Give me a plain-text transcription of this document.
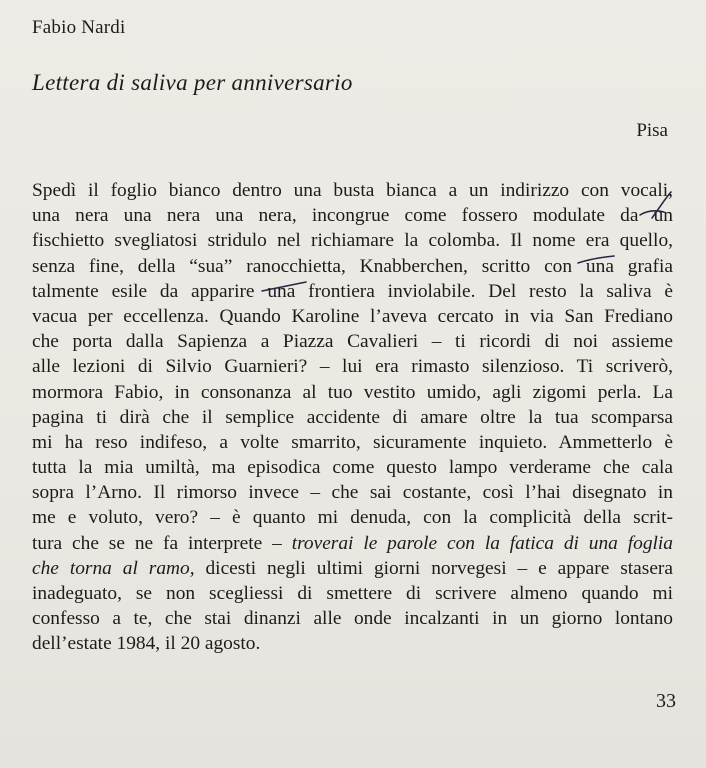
Fabio Nardi
Lettera di saliva per anniversario
Pisa
Spedì il foglio bianco dentro una busta bianca a un indirizzo con vocali,
una nera una nera una nera, incongrue come fossero modulate da un
fischietto svegliatosi stridulo nel richiamare la colomba. Il nome era quello,
senza fine, della “sua” ranocchietta, Knabberchen, scritto con una grafia
talmente esile da apparire una frontiera inviolabile. Del resto la saliva è
vacua per eccellenza. Quando Karoline l’aveva cercato in via San Frediano
che porta dalla Sapienza a Piazza Cavalieri – ti ricordi di noi assieme
alle lezioni di Silvio Guarnieri? – lui era rimasto silenzioso. Ti scriverò,
mormora Fabio, in consonanza al tuo vestito umido, agli zigomi perla. La
pagina ti dirà che il semplice accidente di amare oltre la tua scomparsa
mi ha reso indifeso, a volte smarrito, sicuramente inquieto. Ammetterlo è
tutta la mia umiltà, ma episodica come questo lampo verderame che cala
sopra l’Arno. Il rimorso invece – che sai costante, così l’hai disegnato in
me e voluto, vero? – è quanto mi denuda, con la complicità della scrit-
tura che se ne fa interprete – troverai le parole con la fatica di una foglia
che torna al ramo, dicesti negli ultimi giorni norvegesi – e appare stasera
inadeguato, se non scegliessi di smettere di scrivere almeno quando mi
confesso a te, che stai dinanzi alle onde incalzanti in un giorno lontano
dell’estate 1984, il 20 agosto.
33
